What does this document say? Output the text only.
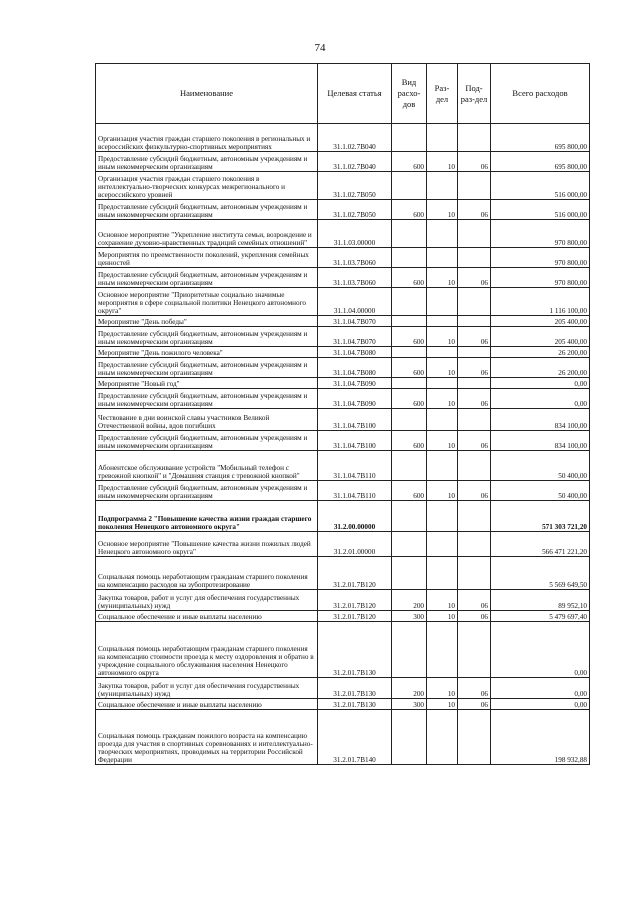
74
Наименование	Целевая статья	Вид расхо-дов	Раз-дел	Под-раз-дел	Всего расходов
Организация участия граждан старшего поколения в региональных и всероссийских физкультурно-спортивных мероприятиях	31.1.02.7В040				695 800,00
Предоставление субсидий бюджетным, автономным учреждениям и иным некоммерческим организациям	31.1.02.7В040	600	10	06	695 800,00
Организация участия граждан старшего поколения в интеллектуально-творческих конкурсах межрегионального и всероссийского уровней	31.1.02.7В050				516 000,00
Предоставление субсидий бюджетным, автономным учреждениям и иным некоммерческим организациям	31.1.02.7В050	600	10	06	516 000,00
Основное мероприятие "Укрепление института семьи, возрождение и сохранение духовно-нравственных традиций семейных отношений"	31.1.03.00000				970 800,00
Мероприятия по преемственности поколений, укрепления семейных ценностей	31.1.03.7В060				970 800,00
Предоставление субсидий бюджетным, автономным учреждениям и иным некоммерческим организациям	31.1.03.7В060	600	10	06	970 800,00
Основное мероприятие "Приоритетные социально значимые мероприятия в сфере социальной политики Ненецкого автономного округа"	31.1.04.00000				1 116 100,00
Мероприятие "День победы"	31.1.04.7В070				205 400,00
Предоставление субсидий бюджетным, автономным учреждениям и иным некоммерческим организациям	31.1.04.7В070	600	10	06	205 400,00
Мероприятие "День пожилого человека"	31.1.04.7В080				26 200,00
Предоставление субсидий бюджетным, автономным учреждениям и иным некоммерческим организациям	31.1.04.7В080	600	10	06	26 200,00
Мероприятие "Новый год"	31.1.04.7В090				0,00
Предоставление субсидий бюджетным, автономным учреждениям и иным некоммерческим организациям	31.1.04.7В090	600	10	06	0,00
Чествование в дни воинской славы участников Великой Отечественной войны, вдов погибших	31.1.04.7В100				834 100,00
Предоставление субсидий бюджетным, автономным учреждениям и иным некоммерческим организациям	31.1.04.7В100	600	10	06	834 100,00
Абонентское обслуживание устройств "Мобильный телефон с тревожной кнопкой" и "Домашняя станция с тревожной кнопкой"	31.1.04.7В110				50 400,00
Предоставление субсидий бюджетным, автономным учреждениям и иным некоммерческим организациям	31.1.04.7В110	600	10	06	50 400,00
Подпрограмма 2 "Повышение качества жизни граждан старшего поколения Ненецкого автономного округа"	31.2.00.00000				571 303 721,20
Основное мероприятие "Повышение качества жизни пожилых людей Ненецкого автономного округа"	31.2.01.00000				566 471 221,20
Социальная помощь неработающим гражданам старшего поколения на компенсацию расходов на зубопротезирование	31.2.01.7В120				5 569 649,50
Закупка товаров, работ и услуг для обеспечения государственных (муниципальных) нужд	31.2.01.7В120	200	10	06	89 952,10
Социальное обеспечение и иные выплаты населению	31.2.01.7В120	300	10	06	5 479 697,40
Социальная помощь неработающим гражданам старшего поколения на компенсацию стоимости проезда к месту оздоровления и обратно в учреждение социального обслуживания населения Ненецкого автономного округа	31.2.01.7В130				0,00
Закупка товаров, работ и услуг для обеспечения государственных (муниципальных) нужд	31.2.01.7В130	200	10	06	0,00
Социальное обеспечение и иные выплаты населению	31.2.01.7В130	300	10	06	0,00
Социальная помощь гражданам пожилого возраста на компенсацию проезда для участия в спортивных соревнованиях и интеллектуально-творческих мероприятиях, проводимых на территории Российской Федерации	31.2.01.7В140				198 932,88
